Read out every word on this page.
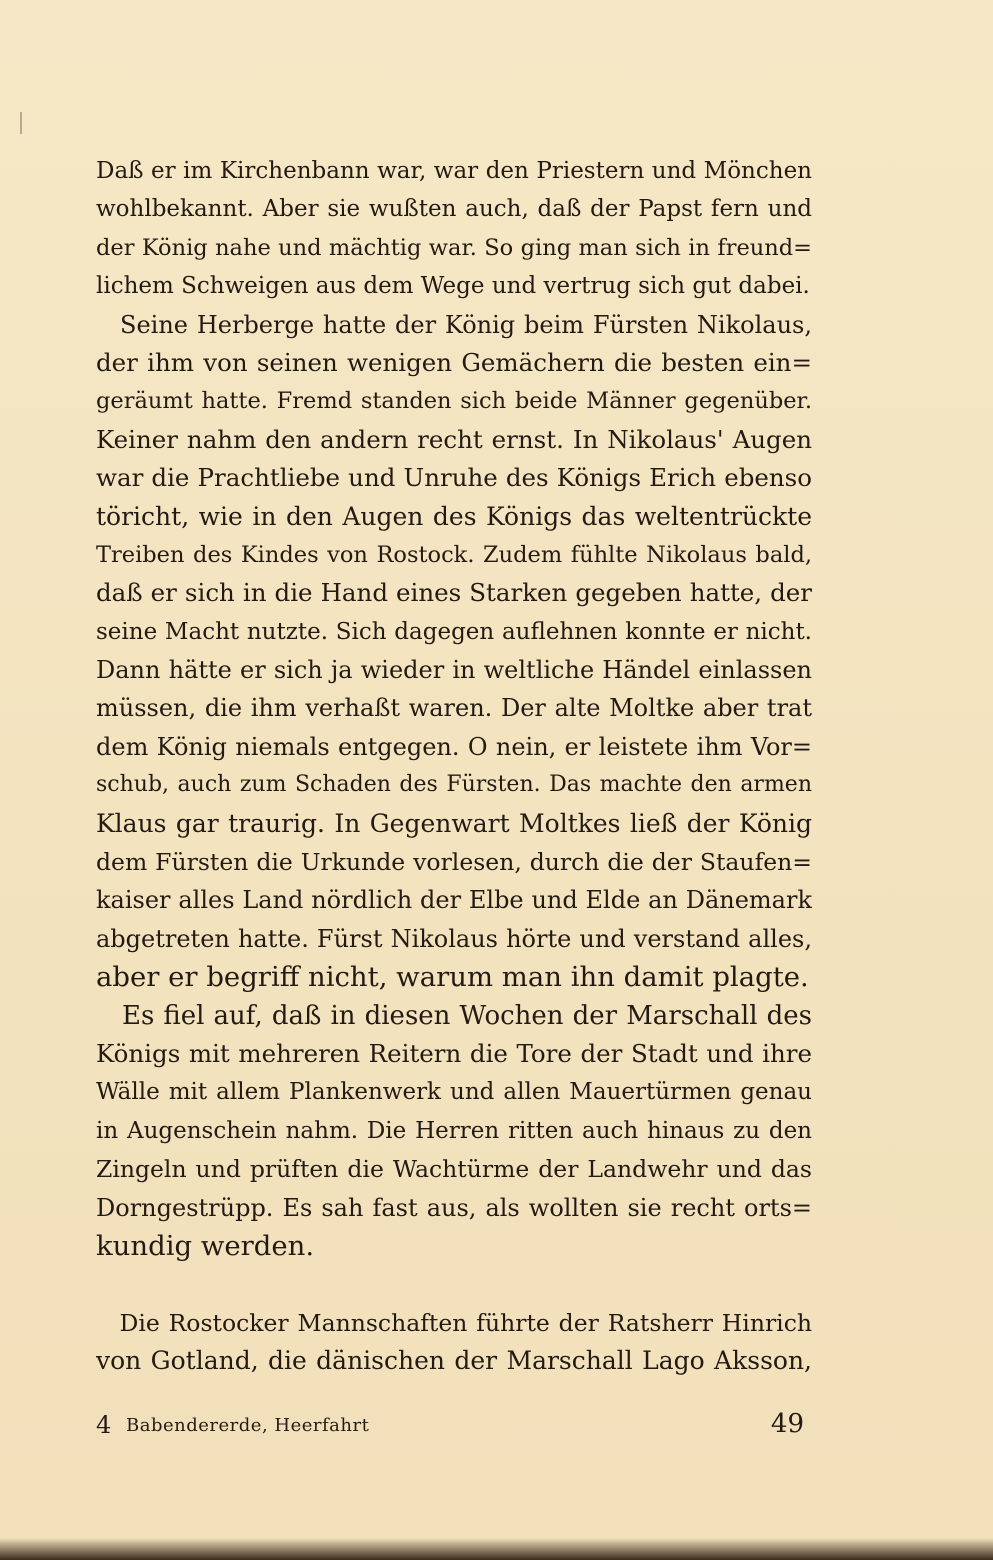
Daß er im Kirchenbann war, war den Priestern und Mönchen
wohlbekannt. Aber sie wußten auch, daß der Papst fern und
der König nahe und mächtig war. So ging man sich in freund=
lichem Schweigen aus dem Wege und vertrug sich gut dabei.
 Seine Herberge hatte der König beim Fürsten Nikolaus,
der ihm von seinen wenigen Gemächern die besten ein=
geräumt hatte. Fremd standen sich beide Männer gegenüber.
Keiner nahm den andern recht ernst. In Nikolaus' Augen
war die Prachtliebe und Unruhe des Königs Erich ebenso
töricht, wie in den Augen des Königs das weltentrückte
Treiben des Kindes von Rostock. Zudem fühlte Nikolaus bald,
daß er sich in die Hand eines Starken gegeben hatte, der
seine Macht nutzte. Sich dagegen auflehnen konnte er nicht.
Dann hätte er sich ja wieder in weltliche Händel einlassen
müssen, die ihm verhaßt waren. Der alte Moltke aber trat
dem König niemals entgegen. O nein, er leistete ihm Vor=
schub, auch zum Schaden des Fürsten. Das machte den armen
Klaus gar traurig. In Gegenwart Moltkes ließ der König
dem Fürsten die Urkunde vorlesen, durch die der Staufen=
kaiser alles Land nördlich der Elbe und Elde an Dänemark
abgetreten hatte. Fürst Nikolaus hörte und verstand alles,
aber er begriff nicht, warum man ihn damit plagte.
 Es fiel auf, daß in diesen Wochen der Marschall des
Königs mit mehreren Reitern die Tore der Stadt und ihre
Wälle mit allem Plankenwerk und allen Mauertürmen genau
in Augenschein nahm. Die Herren ritten auch hinaus zu den
Zingeln und prüften die Wachtürme der Landwehr und das
Dorngestrüpp. Es sah fast aus, als wollten sie recht orts=
kundig werden.
 Die Rostocker Mannschaften führte der Ratsherr Hinrich
von Gotland, die dänischen der Marschall Lago Aksson,
4 Babendererde, Heerfahrt	49
